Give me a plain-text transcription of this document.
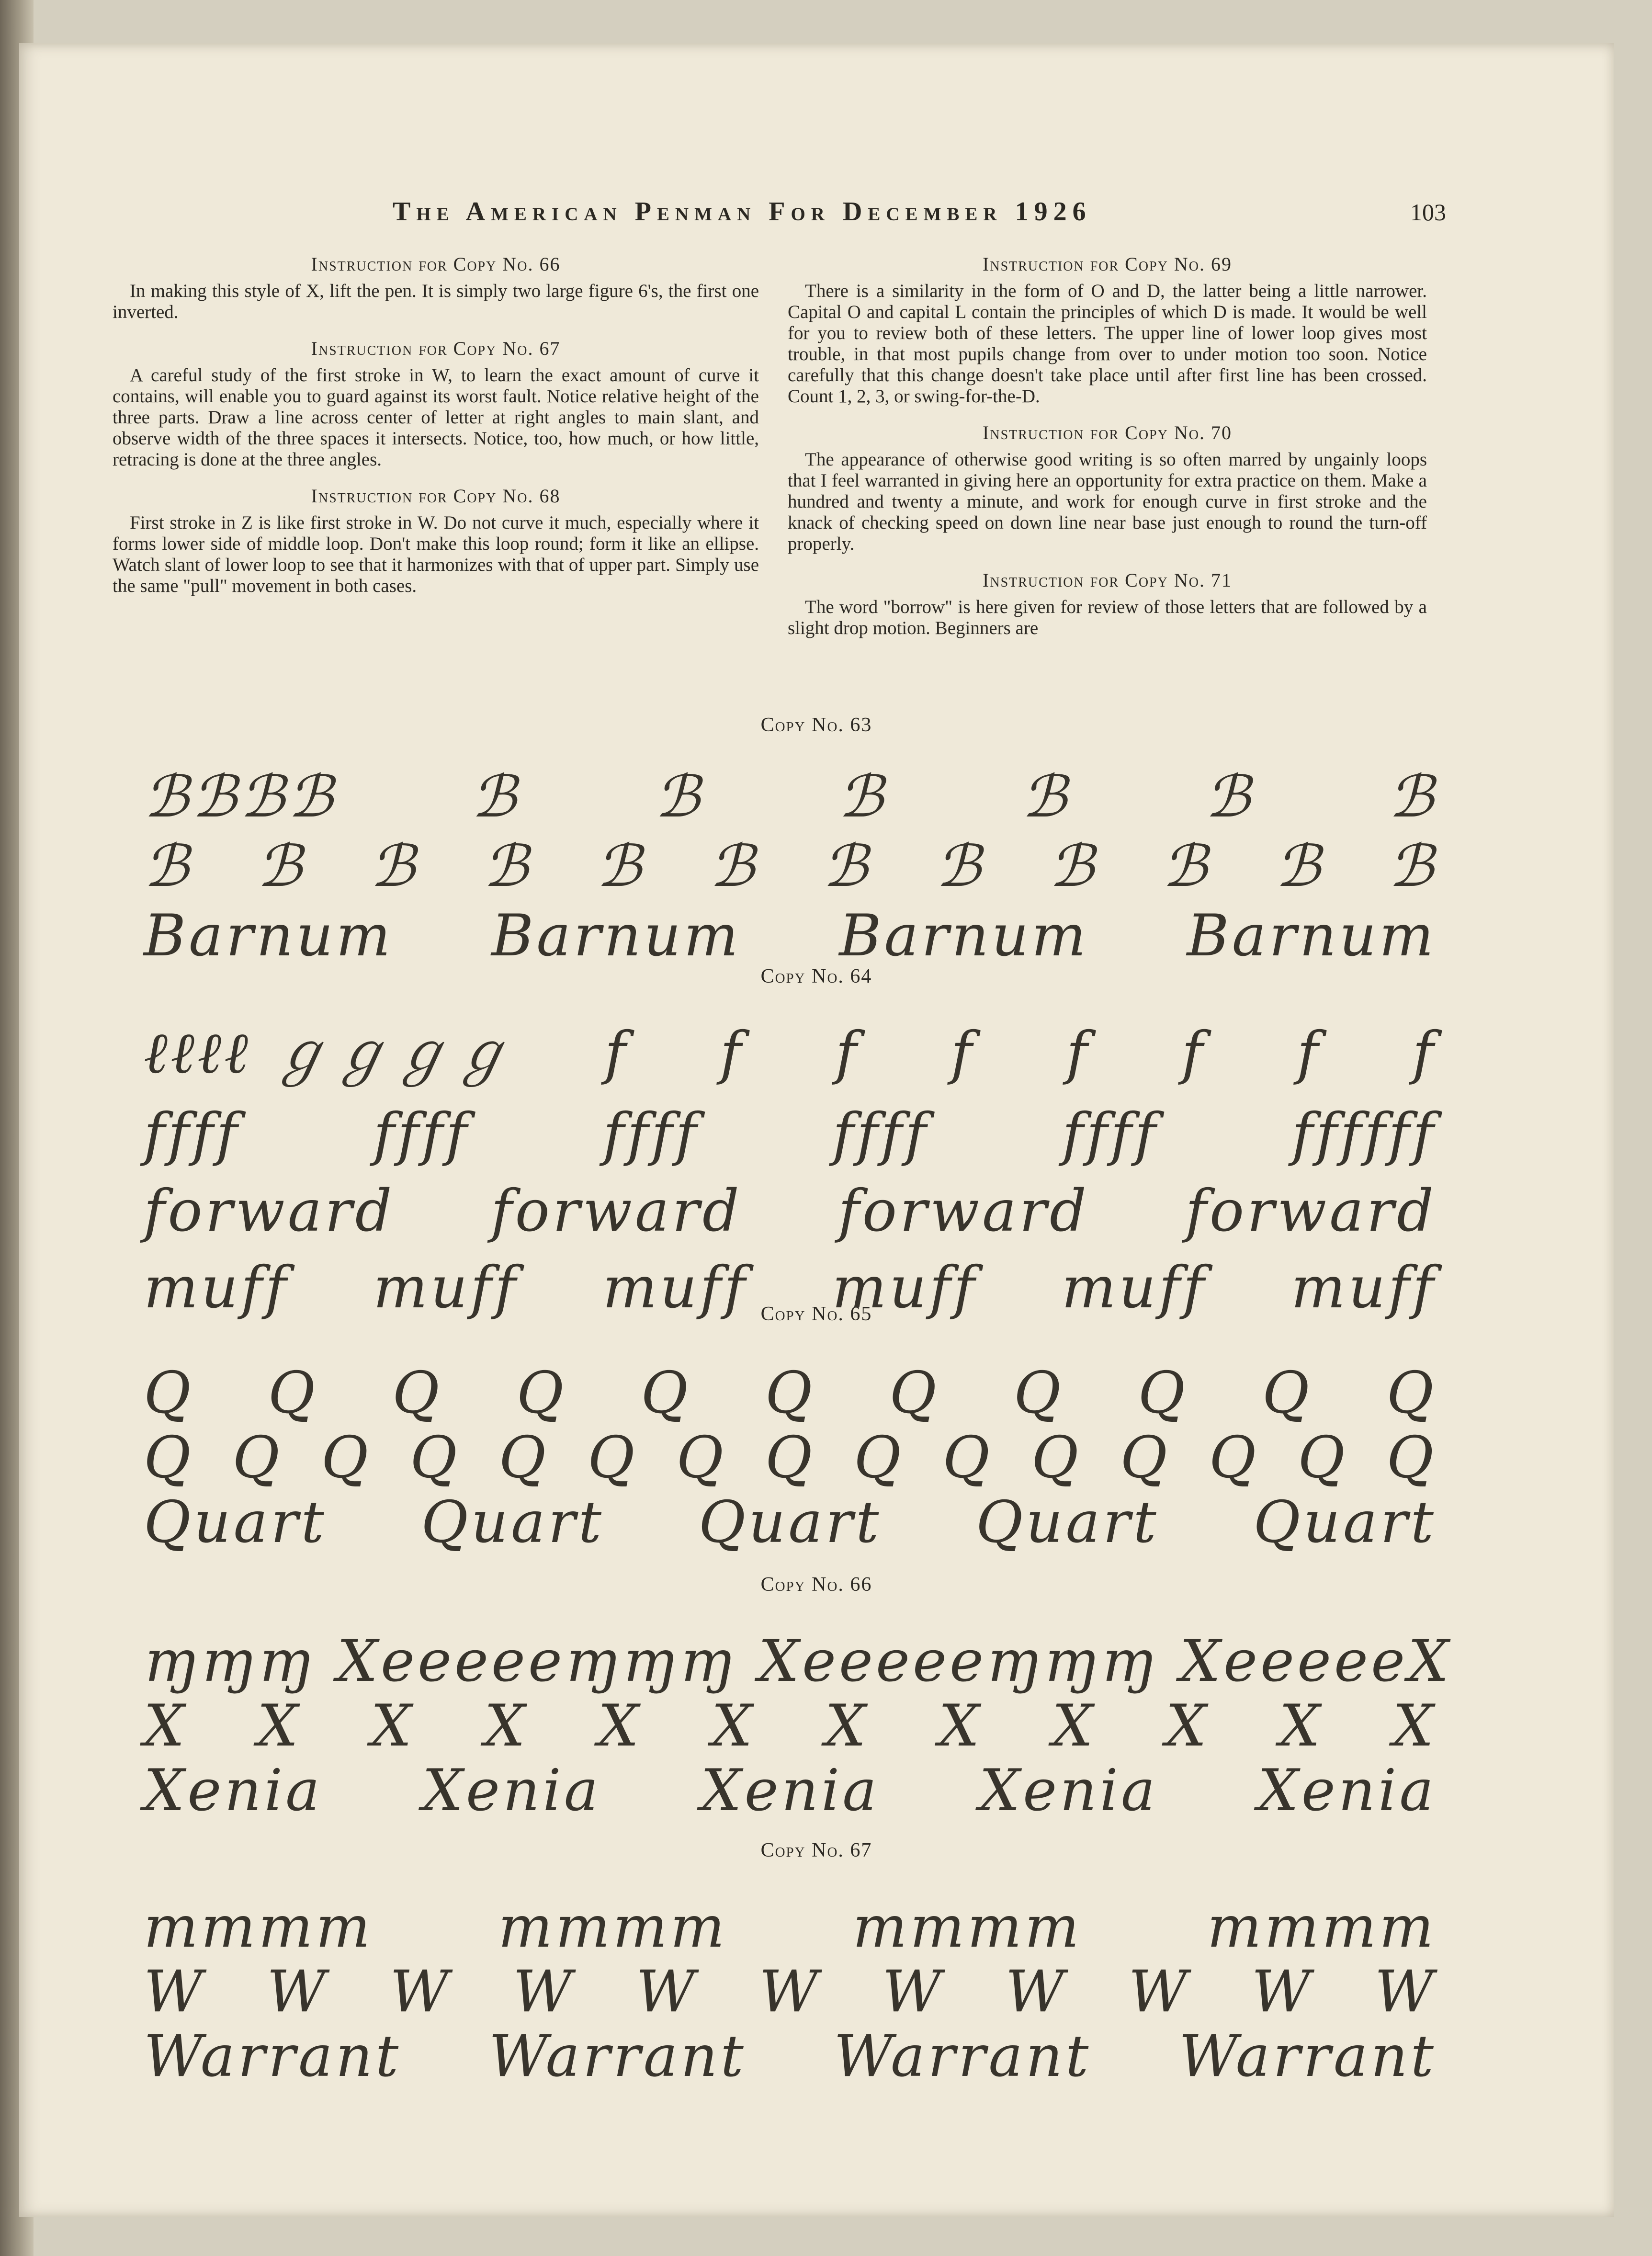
The American Penman For December 1926	103
Instruction for Copy No. 66

In making this style of X, lift the pen. It is simply two large figure 6's, the first one inverted.

Instruction for Copy No. 67

A careful study of the first stroke in W, to learn the exact amount of curve it contains, will enable you to guard against its worst fault. Notice relative height of the three parts. Draw a line across center of letter at right angles to main slant, and observe width of the three spaces it intersects. Notice, too, how much, or how little, retracing is done at the three angles.

Instruction for Copy No. 68

First stroke in Z is like first stroke in W. Do not curve it much, especially where it forms lower side of middle loop. Don't make this loop round; form it like an ellipse. Watch slant of lower loop to see that it harmonizes with that of upper part. Simply use the same "pull" movement in both cases.

Instruction for Copy No. 69

There is a similarity in the form of O and D, the latter being a little narrower. Capital O and capital L contain the principles of which D is made. It would be well for you to review both of these letters. The upper line of lower loop gives most trouble, in that most pupils change from over to under motion too soon. Notice carefully that this change doesn't take place until after first line has been crossed. Count 1, 2, 3, or swing-for-the-D.

Instruction for Copy No. 70

The appearance of otherwise good writing is so often marred by ungainly loops that I feel warranted in giving here an opportunity for extra practice on them. Make a hundred and twenty a minute, and work for enough curve in first stroke and the knack of checking speed on down line near base just enough to round the turn-off properly.

Instruction for Copy No. 71

The word "borrow" is here given for review of those letters that are followed by a slight drop motion. Beginners are

Copy No. 63
ℬℬℬℬ ℬ ℬ ℬ ℬ ℬ ℬ
ℬ ℬ ℬ ℬ ℬ ℬ ℬ ℬ ℬ ℬ ℬ ℬ
Barnum Barnum Barnum Barnum
Copy No. 64
ℓℓℓℓ ℊℊℊℊ f f f f f f f f
ffff ffff ffff ffff ffff ffffff
forward forward forward forward
muff muff muff muff muff muff
Copy No. 65
Q Q Q Q Q Q Q Q Q Q Q
Q Q Q Q Q Q Q Q Q Q Q Q Q Q Q
Quart Quart Quart Quart Quart
Copy No. 66
ɱɱɱ Xeeeee ɱɱɱ Xeeeee ɱɱɱ Xeeeee X
X X X X X X X X X X X X
Xenia Xenia Xenia Xenia Xenia
Copy No. 67
mmmm mmmm mmmm mmmm
W W W W W W W W W W W
Warrant Warrant Warrant Warrant
